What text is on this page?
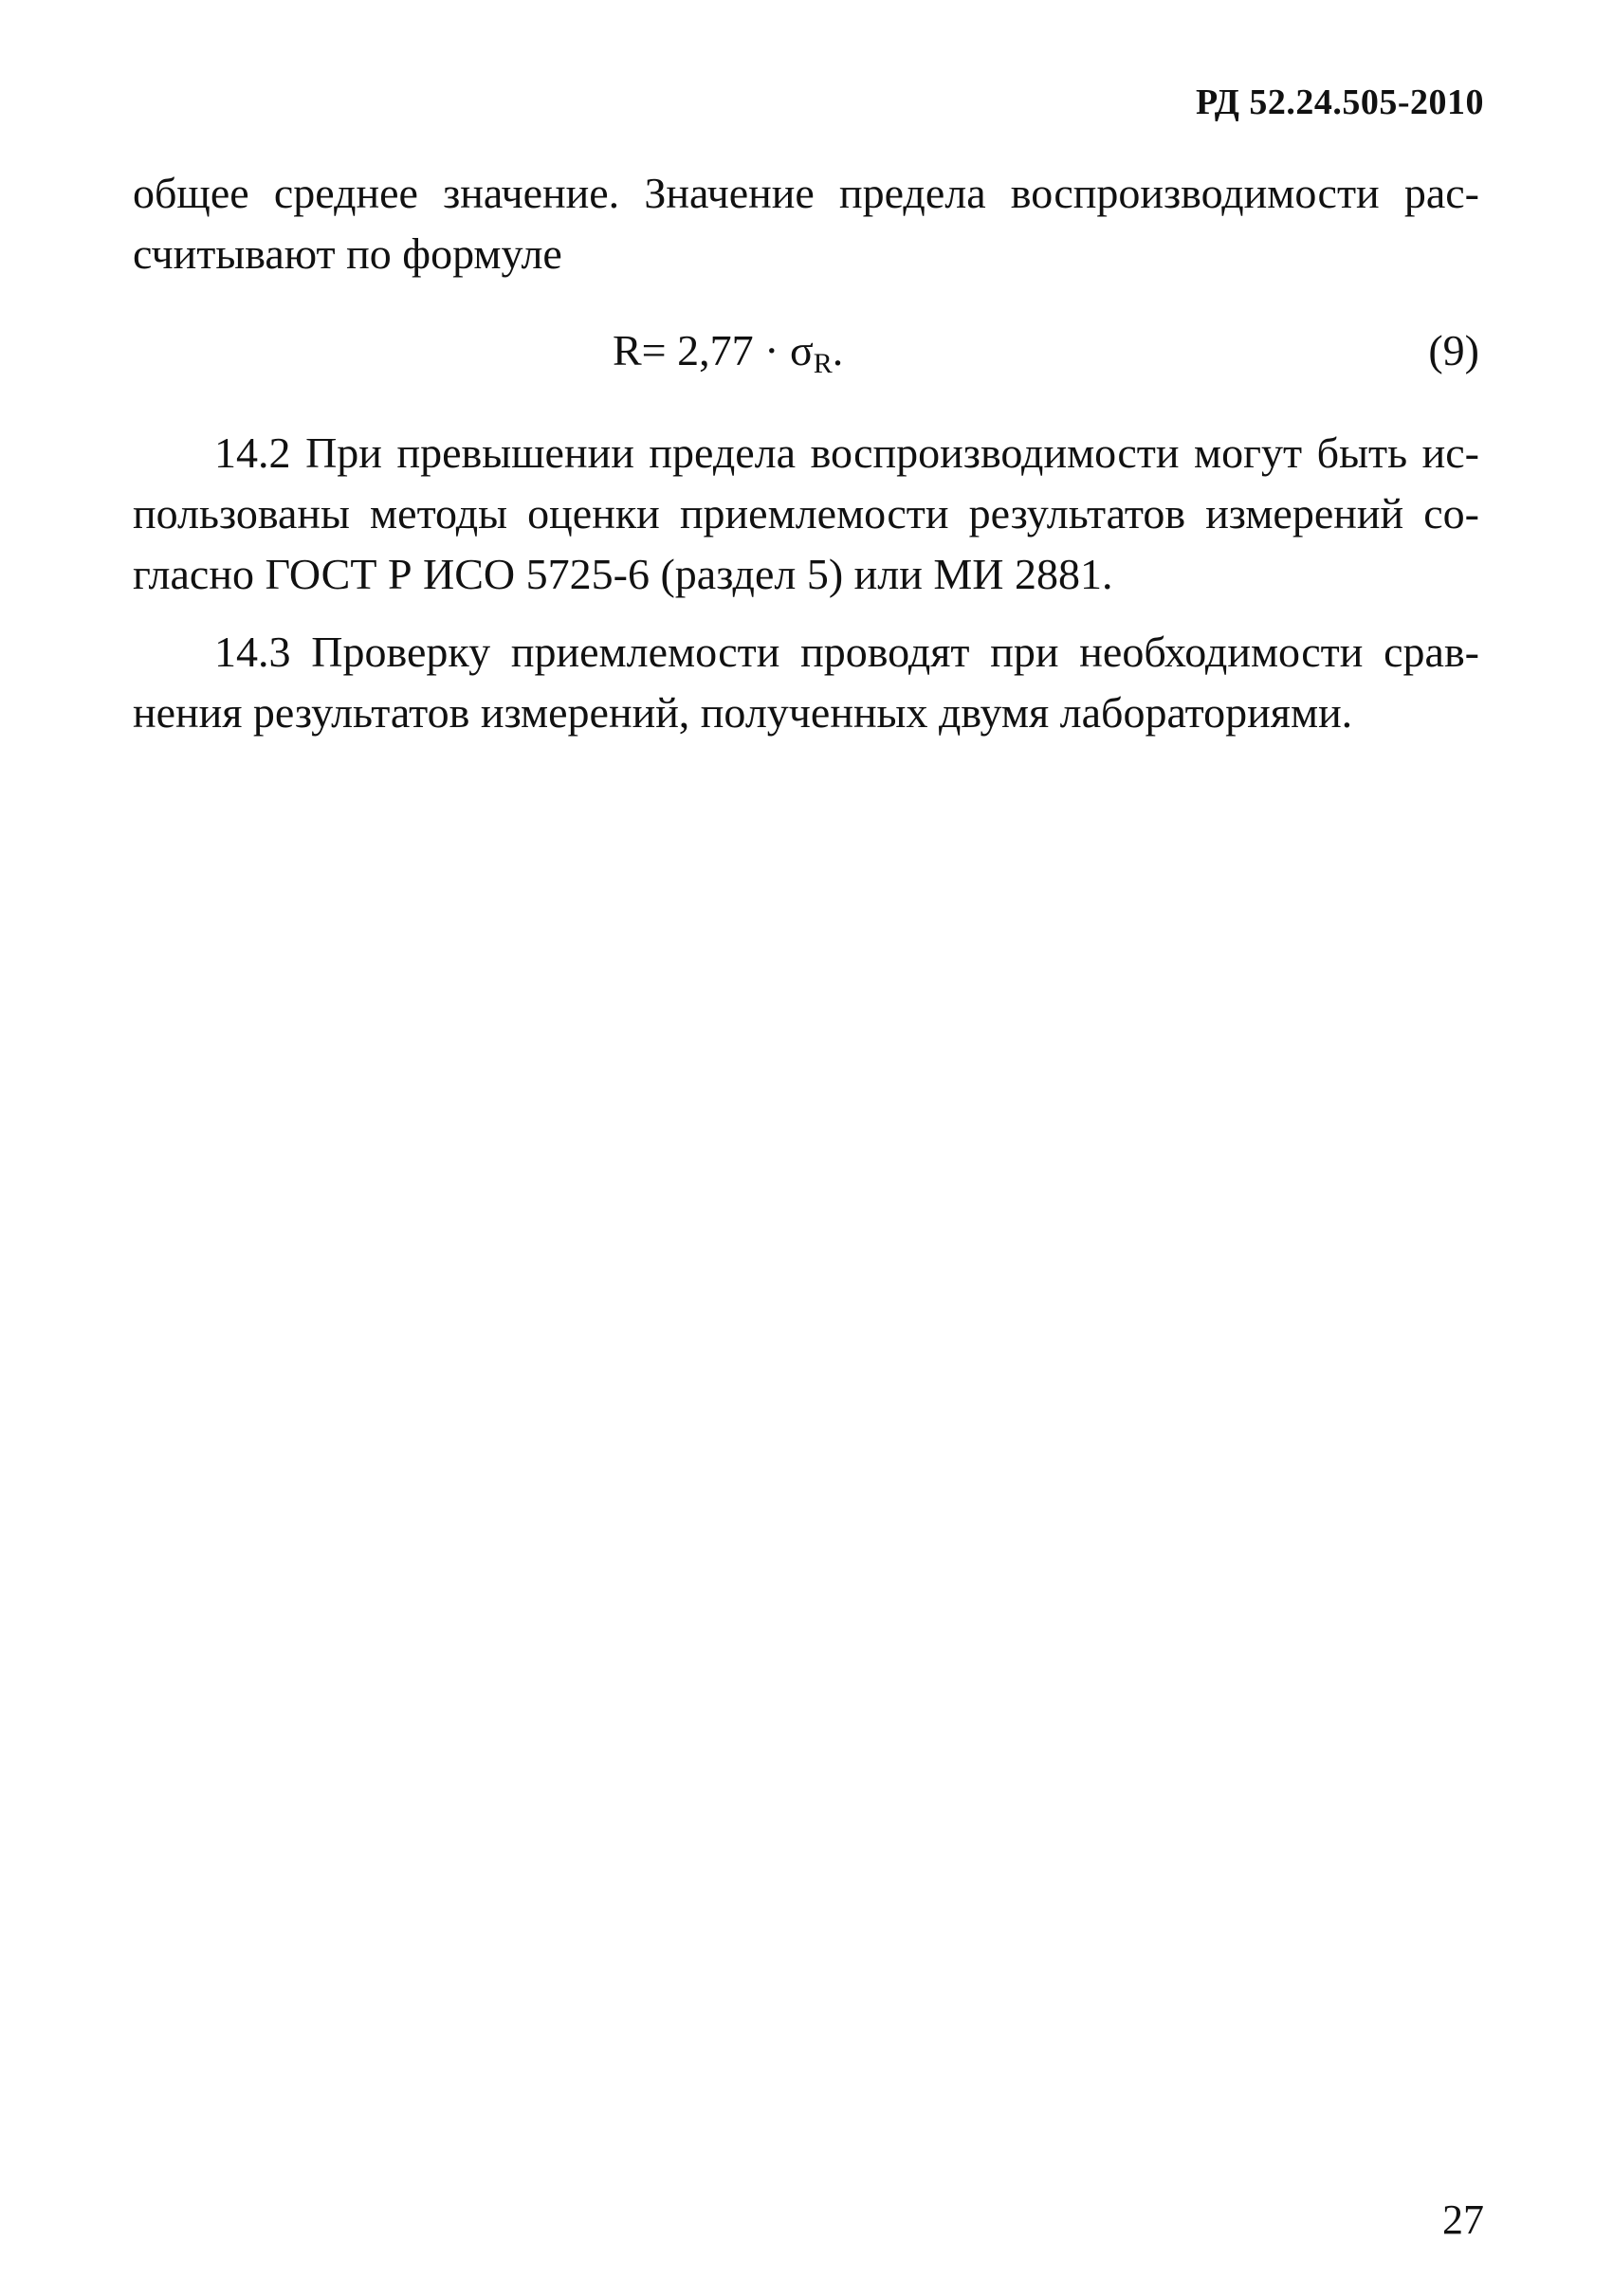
РД 52.24.505-2010
общее среднее значение. Значение предела воспроизводимости рас-
считывают по формуле
$R= 2,77 \cdot \sigma_R$.	(9)
14.2 При превышении предела воспроизводимости могут быть ис-
пользованы методы оценки приемлемости результатов измерений со-
гласно ГОСТ Р ИСО 5725-6 (раздел 5) или МИ 2881.
14.3 Проверку приемлемости проводят при необходимости срав-
нения результатов измерений, полученных двумя лабораториями.
27
